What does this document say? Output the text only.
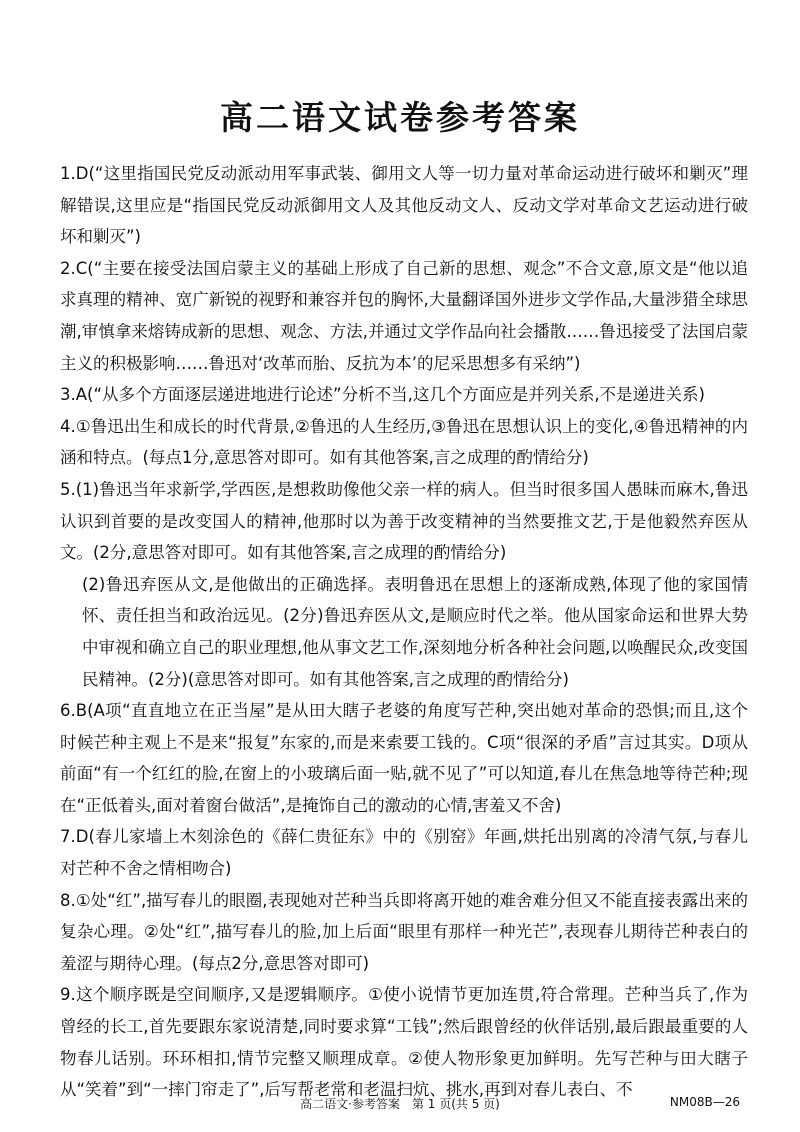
高二语文试卷参考答案

1.D(“这里指国民党反动派动用军事武装、御用文人等一切力量对革命运动进行破坏和剿灭”理解错误,这里应是“指国民党反动派御用文人及其他反动文人、反动文学对革命文艺运动进行破坏和剿灭”)

2.C(“主要在接受法国启蒙主义的基础上形成了自己新的思想、观念”不合文意,原文是“他以追求真理的精神、宽广新锐的视野和兼容并包的胸怀,大量翻译国外进步文学作品,大量涉猎全球思潮,审慎拿来熔铸成新的思想、观念、方法,并通过文学作品向社会播散……鲁迅接受了法国启蒙主义的积极影响……鲁迅对‘改革而胎、反抗为本’的尼采思想多有采纳”)

3.A(“从多个方面逐层递进地进行论述”分析不当,这几个方面应是并列关系,不是递进关系)

4.①鲁迅出生和成长的时代背景,②鲁迅的人生经历,③鲁迅在思想认识上的变化,④鲁迅精神的内涵和特点。(每点1分,意思答对即可。如有其他答案,言之成理的酌情给分)

5.(1)鲁迅当年求新学,学西医,是想救助像他父亲一样的病人。但当时很多国人愚昧而麻木,鲁迅认识到首要的是改变国人的精神,他那时以为善于改变精神的当然要推文艺,于是他毅然弃医从文。(2分,意思答对即可。如有其他答案,言之成理的酌情给分)

(2)鲁迅弃医从文,是他做出的正确选择。表明鲁迅在思想上的逐渐成熟,体现了他的家国情怀、责任担当和政治远见。(2分)鲁迅弃医从文,是顺应时代之举。他从国家命运和世界大势中审视和确立自己的职业理想,他从事文艺工作,深刻地分析各种社会问题,以唤醒民众,改变国民精神。(2分)(意思答对即可。如有其他答案,言之成理的酌情给分)

6.B(A项“直直地立在正当屋”是从田大瞎子老婆的角度写芒种,突出她对革命的恐惧;而且,这个时候芒种主观上不是来“报复”东家的,而是来索要工钱的。C项“很深的矛盾”言过其实。D项从前面“有一个红红的脸,在窗上的小玻璃后面一贴,就不见了”可以知道,春儿在焦急地等待芒种;现在“正低着头,面对着窗台做活”,是掩饰自己的激动的心情,害羞又不舍)

7.D(春儿家墙上木刻涂色的《薛仁贵征东》中的《别窑》年画,烘托出别离的冷清气氛,与春儿对芒种不舍之情相吻合)

8.①处“红”,描写春儿的眼圈,表现她对芒种当兵即将离开她的难舍难分但又不能直接表露出来的复杂心理。②处“红”,描写春儿的脸,加上后面“眼里有那样一种光芒”,表现春儿期待芒种表白的羞涩与期待心理。(每点2分,意思答对即可)

9.这个顺序既是空间顺序,又是逻辑顺序。①使小说情节更加连贯,符合常理。芒种当兵了,作为曾经的长工,首先要跟东家说清楚,同时要求算“工钱”;然后跟曾经的伙伴话别,最后跟最重要的人物春儿话别。环环相扣,情节完整又顺理成章。②使人物形象更加鲜明。先写芒种与田大瞎子从“笑着”到“一摔门帘走了”,后写帮老常和老温扫炕、挑水,再到对春儿表白、不

高二语文·参考答案　第 1 页(共 5 页)	NM08B—26
